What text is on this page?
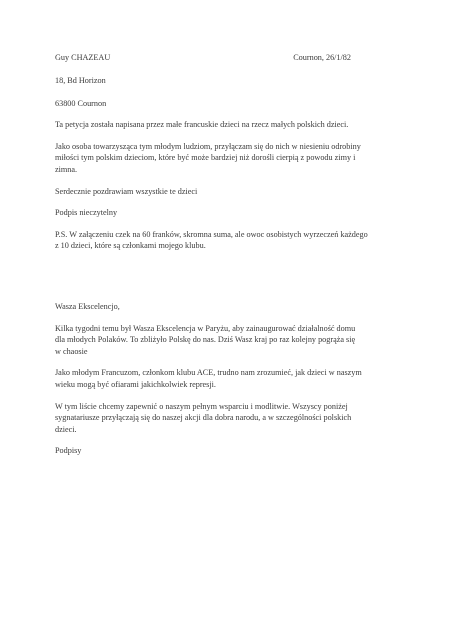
Guy CHAZEAU	Cournon, 26/1/82

18, Bd Horizon

63800 Cournon

Ta petycja została napisana przez małe francuskie dzieci na rzecz małych polskich dzieci.

Jako osoba towarzysząca tym młodym ludziom, przyłączam się do nich w niesieniu odrobiny
miłości tym polskim dzieciom, które być może bardziej niż dorośli cierpią z powodu zimy i
zimna.

Serdecznie pozdrawiam wszystkie te dzieci

Podpis nieczytelny

P.S. W załączeniu czek na 60 franków, skromna suma, ale owoc osobistych wyrzeczeń każdego
z 10 dzieci, które są członkami mojego klubu.

Wasza Ekscelencjo,

Kilka tygodni temu był Wasza Ekscelencja w Paryżu, aby zainaugurować działalność domu
dla młodych Polaków. To zbliżyło Polskę do nas. Dziś Wasz kraj po raz kolejny pogrąża się
w chaosie
Jako młodym Francuzom, członkom klubu ACE, trudno nam zrozumieć, jak dzieci w naszym
wieku mogą być ofiarami jakichkolwiek represji.
W tym liście chcemy zapewnić o naszym pełnym wsparciu i modlitwie. Wszyscy poniżej
sygnatariusze przyłączają się do naszej akcji dla dobra narodu, a w szczególności polskich
dzieci.

Podpisy
